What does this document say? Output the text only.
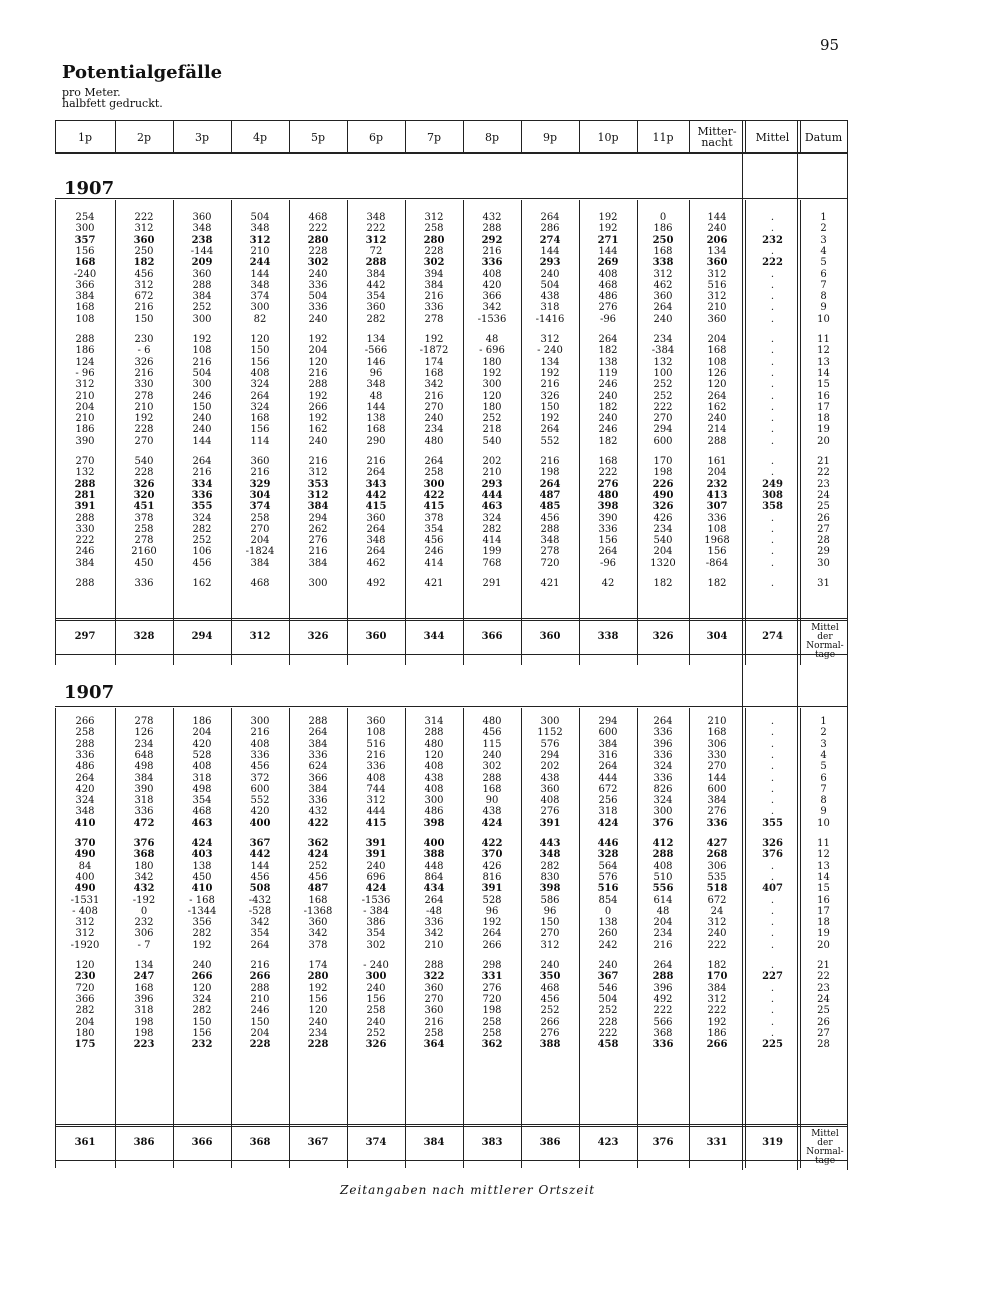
95
Potentialgefälle
pro Meter.
halbfett gedruckt.
1p	2p	3p	4p	5p	6p	7p	8p	9p	10p	11p	Mitter-nacht	Mittel	Datum
254	222	360	504	468	348	312	432	264	192	0	144	.	1
300	312	348	348	222	222	258	288	286	192	186	240	.	2
357	360	238	312	280	312	280	292	274	271	250	206	232	3
156	250	-144	210	228	72	228	216	144	144	168	134	.	4
168	182	209	244	302	288	302	336	293	269	338	360	222	5
-240	456	360	144	240	384	394	408	240	408	312	312	.	6
366	312	288	348	336	442	384	420	504	468	462	516	.	7
384	672	384	374	504	354	216	366	438	486	360	312	.	8
168	216	252	300	336	360	336	342	318	276	264	210	.	9
108	150	300	82	240	282	278	-1536	-1416	-96	240	360	.	10
288	230	192	120	192	134	192	48	312	264	234	204	.	11
186	- 6	108	150	204	-566	-1872	- 696	- 240	182	-384	168	.	12
124	326	216	156	120	146	174	180	134	138	132	108	.	13
- 96	216	504	408	216	96	168	192	192	119	100	126	.	14
312	330	300	324	288	348	342	300	216	246	252	120	.	15
210	278	246	264	192	48	216	120	326	240	252	264	.	16
204	210	150	324	266	144	270	180	150	182	222	162	.	17
210	192	240	168	192	138	240	252	192	240	270	240	.	18
186	228	240	156	162	168	234	218	264	246	294	214	.	19
390	270	144	114	240	290	480	540	552	182	600	288	.	20
270	540	264	360	216	216	264	202	216	168	170	161	.	21
132	228	216	216	312	264	258	210	198	222	198	204	.	22
288	326	334	329	353	343	300	293	264	276	226	232	249	23
281	320	336	304	312	442	422	444	487	480	490	413	308	24
391	451	355	374	384	415	415	463	485	398	326	307	358	25
288	378	324	258	294	360	378	324	456	390	426	336	.	26
330	258	282	270	262	264	354	282	288	336	234	108	.	27
222	278	252	204	276	348	456	414	348	156	540	1968	.	28
246	2160	106	-1824	216	264	246	199	278	264	204	156	.	29
384	450	456	384	384	462	414	768	720	-96	1320	-864	.	30
288	336	162	468	300	492	421	291	421	42	182	182	.	31
297	328	294	312	326	360	344	366	360	338	326	304	274
Mittel der Normal-tage
266	278	186	300	288	360	314	480	300	294	264	210	.	1
258	126	204	216	264	108	288	456	1152	600	336	168	.	2
288	234	420	408	384	516	480	115	576	384	396	306	.	3
336	648	528	336	336	216	120	240	294	316	336	330	.	4
486	498	408	456	624	336	408	302	202	264	324	270	.	5
264	384	318	372	366	408	438	288	438	444	336	144	.	6
420	390	498	600	384	744	408	168	360	672	826	600	.	7
324	318	354	552	336	312	300	90	408	256	324	384	.	8
348	336	468	420	432	444	486	438	276	318	300	276	.	9
410	472	463	400	422	415	398	424	391	424	376	336	355	10
370	376	424	367	362	391	400	422	443	446	412	427	326	11
490	368	403	442	424	391	388	370	348	328	288	268	376	12
84	180	138	144	252	240	448	426	282	564	408	306	.	13
400	342	450	456	456	696	864	816	830	576	510	535	.	14
490	432	410	508	487	424	434	391	398	516	556	518	407	15
-1531	-192	- 168	-432	168	-1536	264	528	586	854	614	672	.	16
- 408	0	-1344	-528	-1368	- 384	-48	96	96	0	48	24	.	17
312	232	356	342	360	386	336	192	150	138	204	312	.	18
312	306	282	354	342	354	342	264	270	260	234	240	.	19
-1920	- 7	192	264	378	302	210	266	312	242	216	222	.	20
120	134	240	216	174	- 240	288	298	240	240	264	182	.	21
230	247	266	266	280	300	322	331	350	367	288	170	227	22
720	168	120	288	192	240	360	276	468	546	396	384	.	23
366	396	324	210	156	156	270	720	456	504	492	312	.	24
282	318	282	246	120	258	360	198	252	252	222	222	.	25
204	198	150	150	240	240	216	258	266	228	566	192	.	26
180	198	156	204	234	252	258	258	276	222	368	186	.	27
175	223	232	228	228	326	364	362	388	458	336	266	225	28
361	386	366	368	367	374	384	383	386	423	376	331	319
Mittel der Normal-tage
1907
1907
Zeitangaben nach mittlerer Ortszeit
